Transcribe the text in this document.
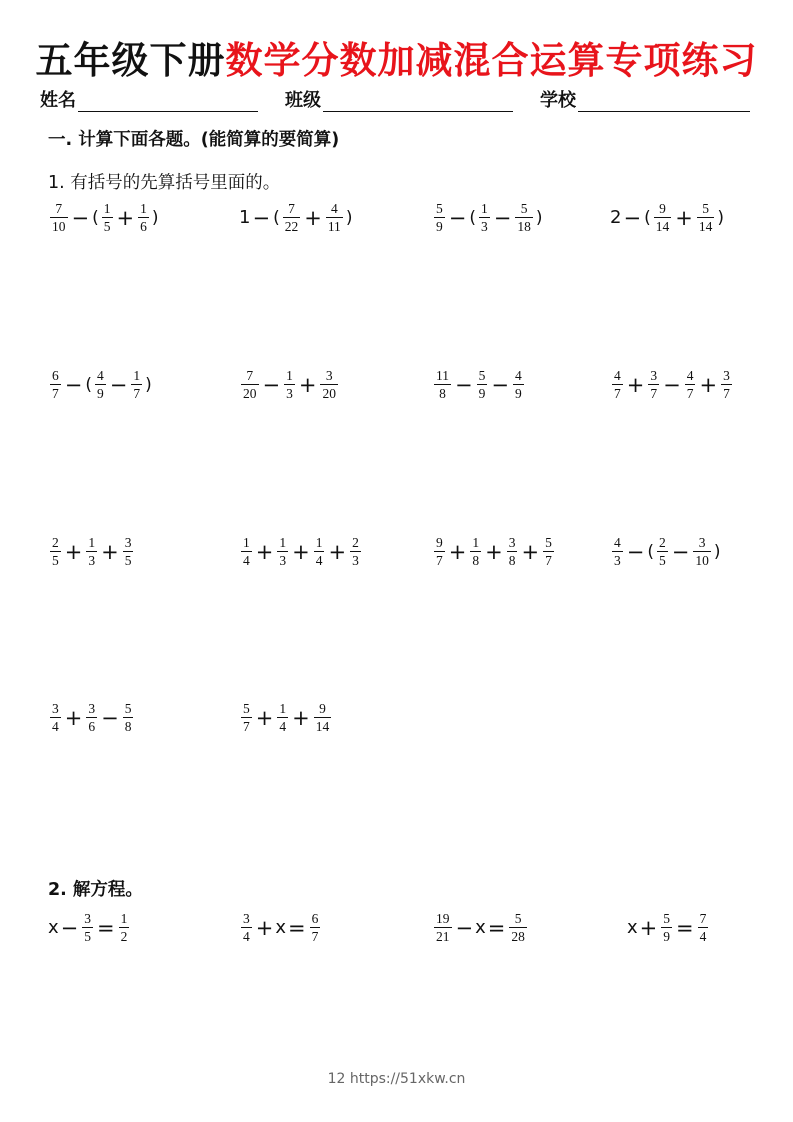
五年级下册数学分数加减混合运算专项练习
姓名	班级	学校
一. 计算下面各题。(能简算的要简算)
1. 有括号的先算括号里面的。
$\frac{7}{10}$ − ( $\frac{1}{5} + \frac{1}{6}$ )	1 − ( $\frac{7}{22} + \frac{4}{11}$ )	$\frac{5}{9}$ − ( $\frac{1}{3} - \frac{5}{18}$ )	2 − ( $\frac{9}{14} + \frac{5}{14}$ )
$\frac{6}{7}$ − ( $\frac{4}{9} - \frac{1}{7}$ )	$\frac{7}{20} - \frac{1}{3} + \frac{3}{20}$	$\frac{11}{8} - \frac{5}{9} - \frac{4}{9}$	$\frac{4}{7} + \frac{3}{7} - \frac{4}{7} + \frac{3}{7}$
$\frac{2}{5} + \frac{1}{3} + \frac{3}{5}$	$\frac{1}{4} + \frac{1}{3} + \frac{1}{4} + \frac{2}{3}$	$\frac{9}{7} + \frac{1}{8} + \frac{3}{8} + \frac{5}{7}$	$\frac{4}{3}$ − ( $\frac{2}{5} - \frac{3}{10}$ )
$\frac{3}{4} + \frac{3}{6} - \frac{5}{8}$	$\frac{5}{7} + \frac{1}{4} + \frac{9}{14}$
2. 解方程。
$x - \frac{3}{5} = \frac{1}{2}$	$\frac{3}{4} + x = \frac{6}{7}$	$\frac{19}{21} - x = \frac{5}{28}$	$x + \frac{5}{9} = \frac{7}{4}$
12 https://51xkw.cn
